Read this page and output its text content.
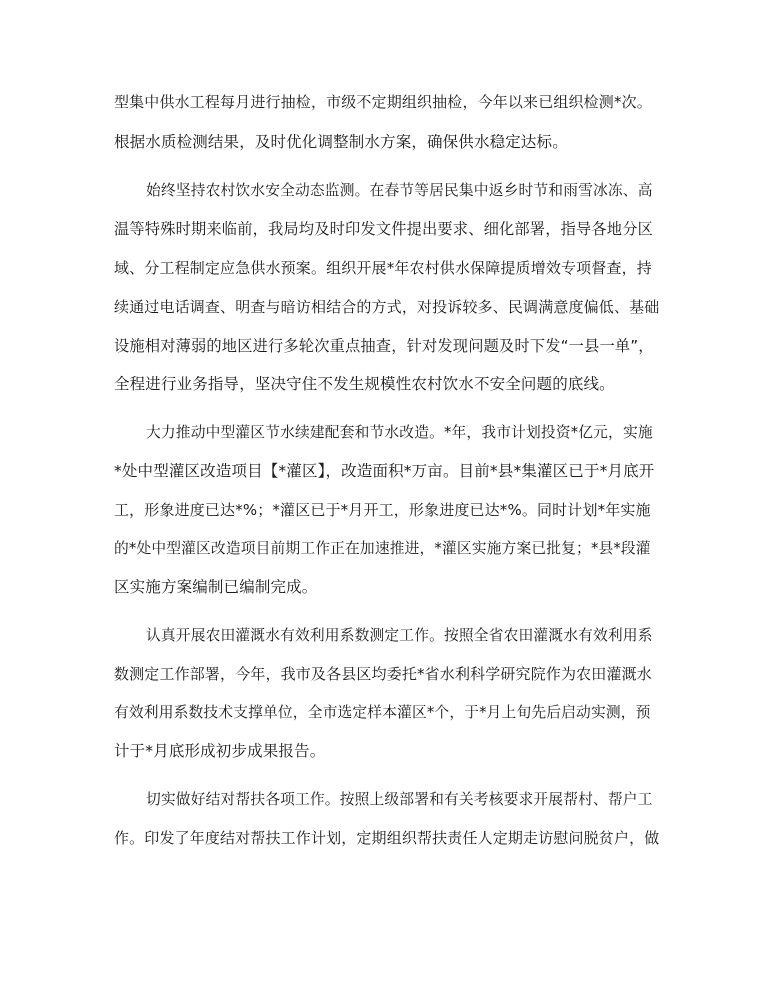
型集中供水工程每月进行抽检，市级不定期组织抽检，今年以来已组织检测*次。
根据水质检测结果，及时优化调整制水方案，确保供水稳定达标。
始终坚持农村饮水安全动态监测。在春节等居民集中返乡时节和雨雪冰冻、高
温等特殊时期来临前，我局均及时印发文件提出要求、细化部署，指导各地分区
域、分工程制定应急供水预案。组织开展*年农村供水保障提质增效专项督查，持
续通过电话调查、明查与暗访相结合的方式，对投诉较多、民调满意度偏低、基础
设施相对薄弱的地区进行多轮次重点抽查，针对发现问题及时下发“一县一单”，
全程进行业务指导，坚决守住不发生规模性农村饮水不安全问题的底线。
大力推动中型灌区节水续建配套和节水改造。*年，我市计划投资*亿元，实施
*处中型灌区改造项目【*灌区】，改造面积*万亩。目前*县*集灌区已于*月底开
工，形象进度已达*%；*灌区已于*月开工，形象进度已达*%。同时计划*年实施
的*处中型灌区改造项目前期工作正在加速推进，*灌区实施方案已批复；*县*段灌
区实施方案编制已编制完成。
认真开展农田灌溉水有效利用系数测定工作。按照全省农田灌溉水有效利用系
数测定工作部署，今年，我市及各县区均委托*省水利科学研究院作为农田灌溉水
有效利用系数技术支撑单位，全市选定样本灌区*个，于*月上旬先后启动实测，预
计于*月底形成初步成果报告。
切实做好结对帮扶各项工作。按照上级部署和有关考核要求开展帮村、帮户工
作。印发了年度结对帮扶工作计划，定期组织帮扶责任人定期走访慰问脱贫户，做
